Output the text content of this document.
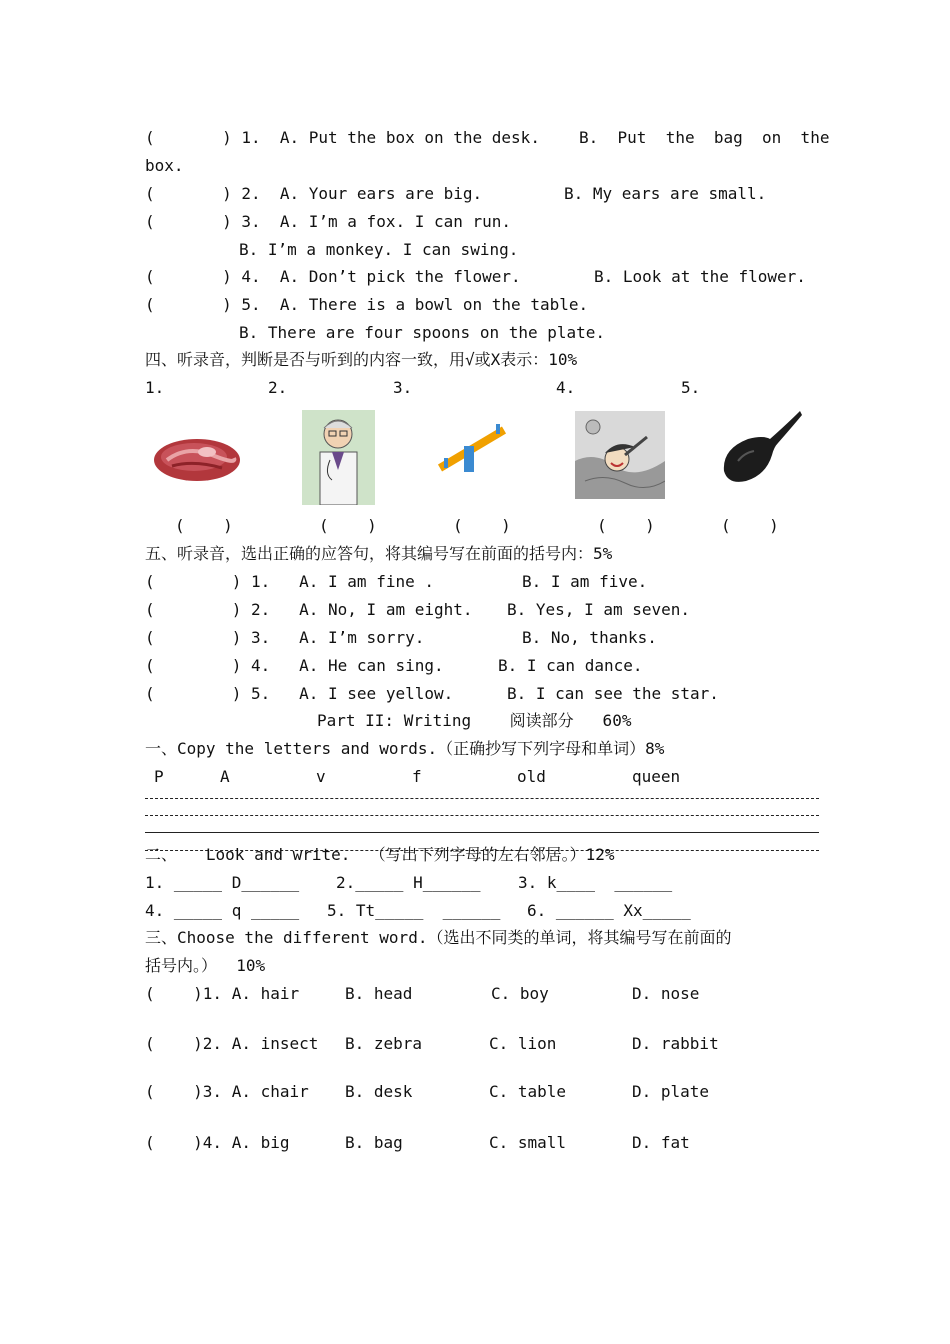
(       ) 1.  A. Put the box on the desk. B.  Put  the  bag  on  the
box.
(       ) 2.  A. Your ears are big.	B. My ears are small.
(       ) 3.  A. I’m a fox. I can run.
B. I’m a monkey. I can swing.
(       ) 4.  A. Don’t pick the flower.	B. Look at the flower.
(       ) 5.  A. There is a bowl on the table.
B. There are four spoons on the plate.
四、听录音，判断是否与听到的内容一致，用√或X表示：10%
1.	2.	3.	4.	5.
(    )	(    )	(    )	(    )	(    )
五、听录音，选出正确的应答句，将其编号写在前面的括号内：5%
(        ) 1.   A. I am fine .	B. I am five.
(        ) 2.   A. No, I am eight. B. Yes, I am seven.
(        ) 3.   A. I’m sorry.	B. No, thanks.
(        ) 4.   A. He can sing.	B. I can dance.
(        ) 5.   A. I see yellow.	B. I can see the star.
Part II: Writing    阅读部分   60%
一、Copy the letters and words.（正确抄写下列字母和单词）8%
P	A	v	f	old	queen
二、   Look and write.  （写出下列字母的左右邻居。）12%
1. _____ D______ 2._____ H______ 3. k____  ______
4. _____ q _____ 5. Tt_____  ______ 6. ______ Xx_____
三、Choose the different word.（选出不同类的单词，将其编号写在前面的
括号内。）  10%
(    )1. A. hair	B. head	C. boy	D. nose
(    )2. A. insect B. zebra	C. lion	D. rabbit
(    )3. A. chair B. desk	C. table	D. plate
(    )4. A. big	B. bag	C. small	D. fat
